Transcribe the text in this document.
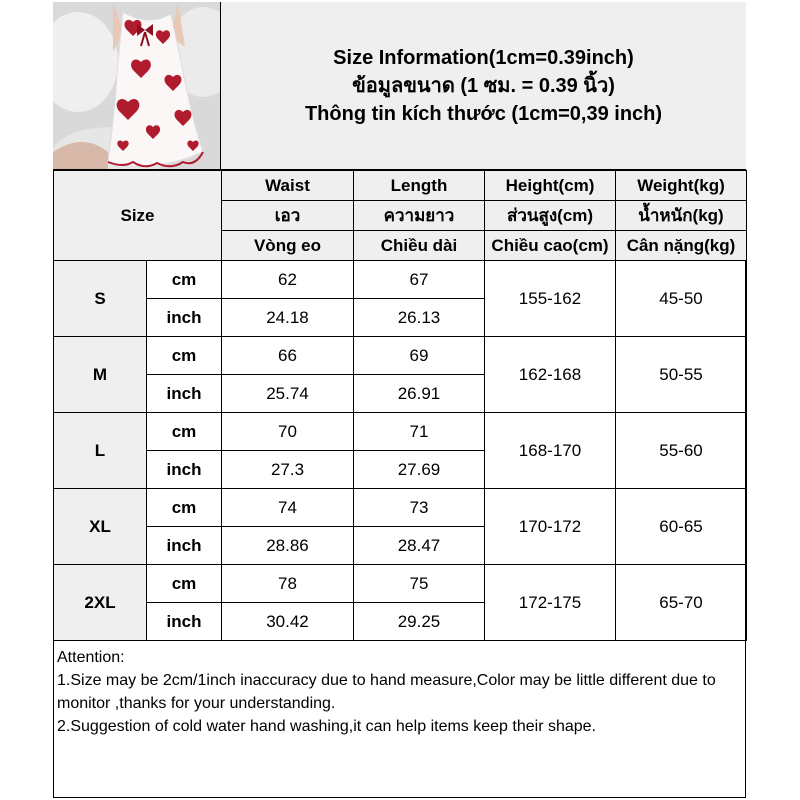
Size Information(1cm=0.39inch)
ข้อมูลขนาด (1 ซม. = 0.39 นิ้ว)
Thông tin kích thước (1cm=0,39 inch)
Size		Waist	Length	Height(cm)	Weight(kg)
		เอว	ความยาว	ส่วนสูง(cm)	น้ำหนัก(kg)
		Vòng eo	Chiều dài	Chiều cao(cm)	Cân nặng(kg)
S	cm	62	67	155-162	45-50
	inch	24.18	26.13		
M	cm	66	69	162-168	50-55
	inch	25.74	26.91		
L	cm	70	71	168-170	55-60
	inch	27.3	27.69		
XL	cm	74	73	170-172	60-65
	inch	28.86	28.47		
2XL	cm	78	75	172-175	65-70
	inch	30.42	29.25		
Attention:
1.Size may be 2cm/1inch inaccuracy due to hand measure,Color may be little different due to monitor ,thanks for your understanding.
2.Suggestion of cold water hand washing,it can help items keep their shape.
